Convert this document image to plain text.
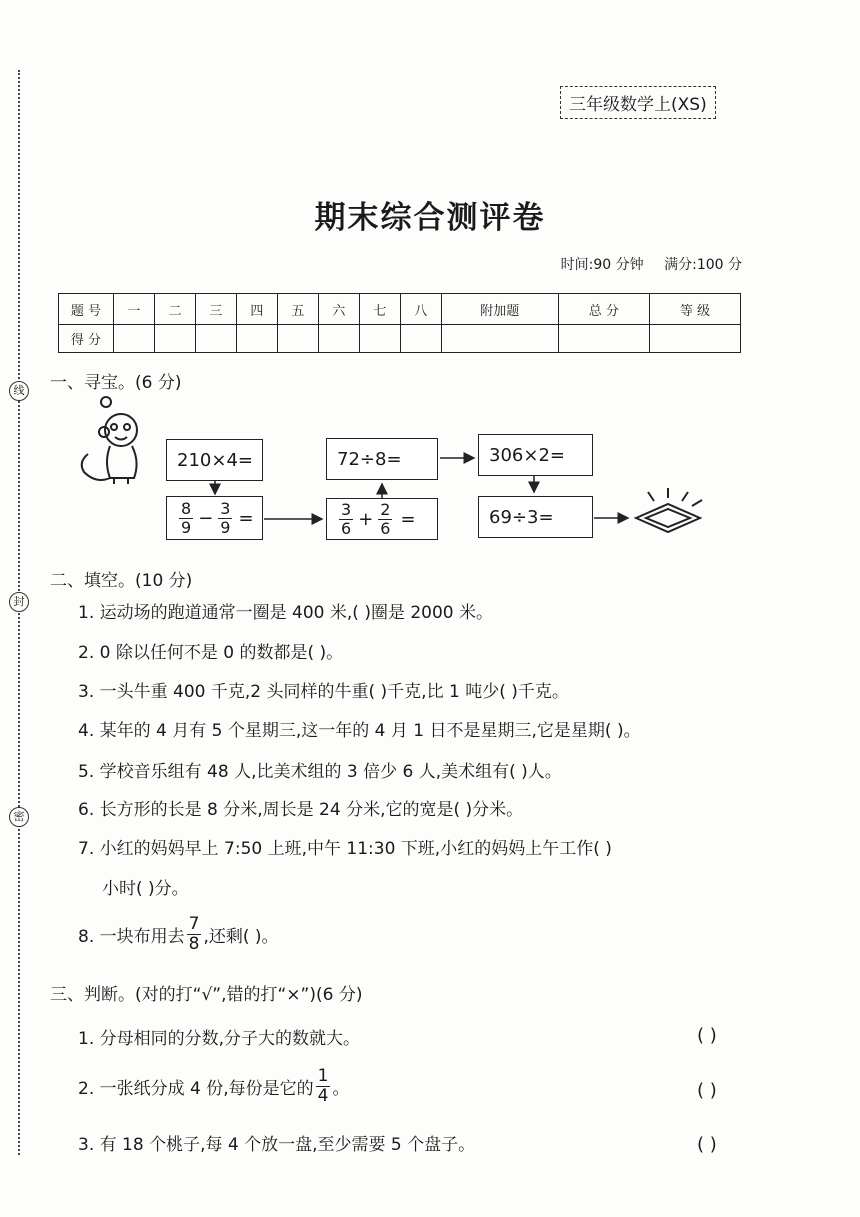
线
封
密
三年级数学上(XS)
期末综合测评卷
时间:90 分钟 满分:100 分
题 号	一	二	三	四	五	六	七	八	附加题	总 分	等 级
得 分											
一、寻宝。(6 分)
210×4=	72÷8=	306×2=
$\frac{8}{9} - \frac{3}{9}$ =	$\frac{3}{6} + \frac{2}{6}$ =	69÷3=
二、填空。(10 分)
1. 运动场的跑道通常一圈是 400 米,( )圈是 2000 米。
2. 0 除以任何不是 0 的数都是( )。
3. 一头牛重 400 千克,2 头同样的牛重( )千克,比 1 吨少( )千克。
4. 某年的 4 月有 5 个星期三,这一年的 4 月 1 日不是星期三,它是星期( )。
5. 学校音乐组有 48 人,比美术组的 3 倍少 6 人,美术组有( )人。
6. 长方形的长是 8 分米,周长是 24 分米,它的宽是( )分米。
7. 小红的妈妈早上 7:50 上班,中午 11:30 下班,小红的妈妈上午工作( )
小时( )分。
8. 一块布用去 $\frac{7}{8}$ ,还剩( )。
三、判断。(对的打“√”,错的打“×”)(6 分)
1. 分母相同的分数,分子大的数就大。	( )
2. 一张纸分成 4 份,每份是它的 $\frac{1}{4}$ 。	( )
3. 有 18 个桃子,每 4 个放一盘,至少需要 5 个盘子。	( )
